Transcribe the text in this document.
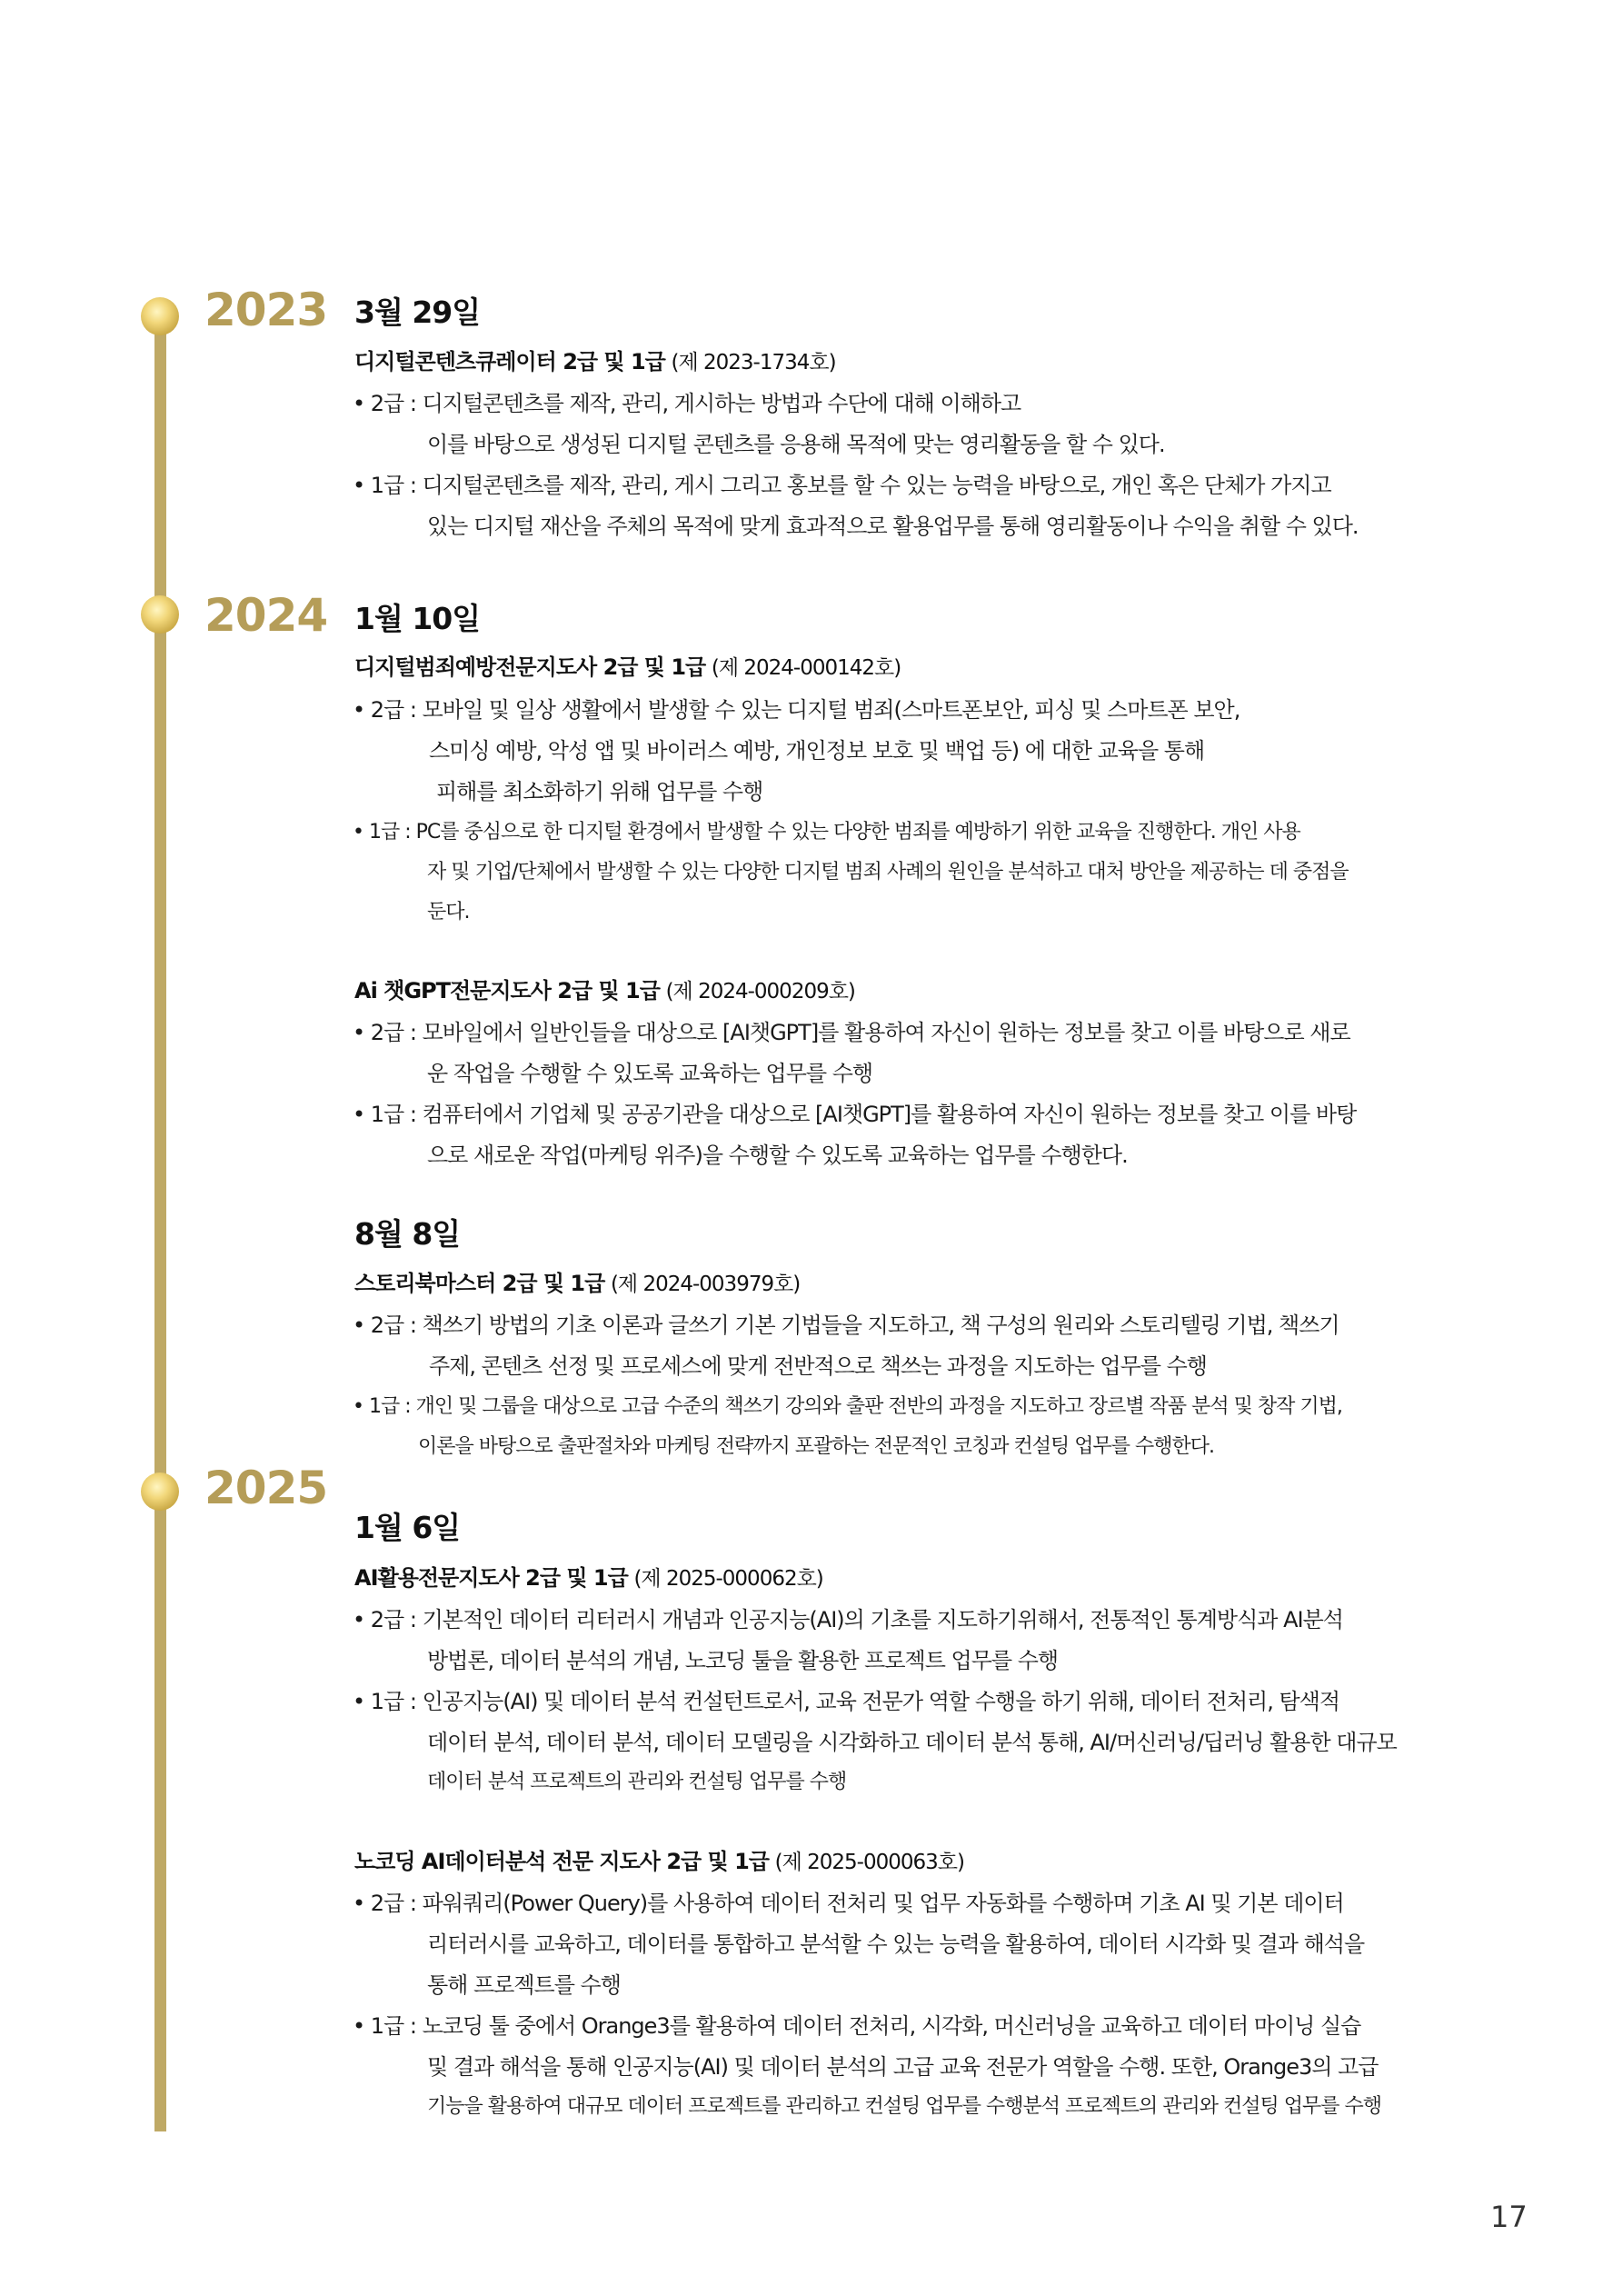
2023
2024
2025
3월 29일
디지털콘텐츠큐레이터 2급 및 1급 (제 2023-1734호)
• 2급 : 디지털콘텐츠를 제작, 관리, 게시하는 방법과 수단에 대해 이해하고
이를 바탕으로 생성된 디지털 콘텐츠를 응용해 목적에 맞는 영리활동을 할 수 있다.
• 1급 : 디지털콘텐츠를 제작, 관리, 게시 그리고 홍보를 할 수 있는 능력을 바탕으로, 개인 혹은 단체가 가지고
있는 디지털 재산을 주체의 목적에 맞게 효과적으로 활용업무를 통해 영리활동이나 수익을 취할 수 있다.
1월 10일
디지털범죄예방전문지도사 2급 및 1급 (제 2024-000142호)
• 2급 : 모바일 및 일상 생활에서 발생할 수 있는 디지털 범죄(스마트폰보안, 피싱 및 스마트폰 보안,
스미싱 예방, 악성 앱 및 바이러스 예방, 개인정보 보호 및 백업 등) 에 대한 교육을 통해
피해를 최소화하기 위해 업무를 수행
• 1급 : PC를 중심으로 한 디지털 환경에서 발생할 수 있는 다양한 범죄를 예방하기 위한 교육을 진행한다. 개인 사용
자 및 기업/단체에서 발생할 수 있는 다양한 디지털 범죄 사례의 원인을 분석하고 대처 방안을 제공하는 데 중점을
둔다.
Ai 챗GPT전문지도사 2급 및 1급 (제 2024-000209호)
• 2급 : 모바일에서 일반인들을 대상으로 [AI챗GPT]를 활용하여 자신이 원하는 정보를 찾고 이를 바탕으로 새로
운 작업을 수행할 수 있도록 교육하는 업무를 수행
• 1급 : 컴퓨터에서 기업체 및 공공기관을 대상으로 [AI챗GPT]를 활용하여 자신이 원하는 정보를 찾고 이를 바탕
으로 새로운 작업(마케팅 위주)을 수행할 수 있도록 교육하는 업무를 수행한다.
8월 8일
스토리북마스터 2급 및 1급 (제 2024-003979호)
• 2급 : 책쓰기 방법의 기초 이론과 글쓰기 기본 기법들을 지도하고, 책 구성의 원리와 스토리텔링 기법, 책쓰기
주제, 콘텐츠 선정 및 프로세스에 맞게 전반적으로 책쓰는 과정을 지도하는 업무를 수행
• 1급 : 개인 및 그룹을 대상으로 고급 수준의 책쓰기 강의와 출판 전반의 과정을 지도하고 장르별 작품 분석 및 창작 기법,
이론을 바탕으로 출판절차와 마케팅 전략까지 포괄하는 전문적인 코칭과 컨설팅 업무를 수행한다.
1월 6일
AI활용전문지도사 2급 및 1급 (제 2025-000062호)
• 2급 : 기본적인 데이터 리터러시 개념과 인공지능(AI)의 기초를 지도하기위해서, 전통적인 통계방식과 AI분석
방법론, 데이터 분석의 개념, 노코딩 툴을 활용한 프로젝트 업무를 수행
• 1급 : 인공지능(AI) 및 데이터 분석 컨설턴트로서, 교육 전문가 역할 수행을 하기 위해, 데이터 전처리, 탐색적
데이터 분석, 데이터 분석, 데이터 모델링을 시각화하고 데이터 분석 통해, AI/머신러닝/딥러닝 활용한 대규모
데이터 분석 프로젝트의 관리와 컨설팅 업무를 수행
노코딩 AI데이터분석 전문 지도사 2급 및 1급 (제 2025-000063호)
• 2급 : 파워쿼리(Power Query)를 사용하여 데이터 전처리 및 업무 자동화를 수행하며 기초 AI 및 기본 데이터
리터러시를 교육하고, 데이터를 통합하고 분석할 수 있는 능력을 활용하여, 데이터 시각화 및 결과 해석을
통해 프로젝트를 수행
• 1급 : 노코딩 툴 중에서 Orange3를 활용하여 데이터 전처리, 시각화, 머신러닝을 교육하고 데이터 마이닝 실습
및 결과 해석을 통해 인공지능(AI) 및 데이터 분석의 고급 교육 전문가 역할을 수행. 또한, Orange3의 고급
기능을 활용하여 대규모 데이터 프로젝트를 관리하고 컨설팅 업무를 수행분석 프로젝트의 관리와 컨설팅 업무를 수행
17
